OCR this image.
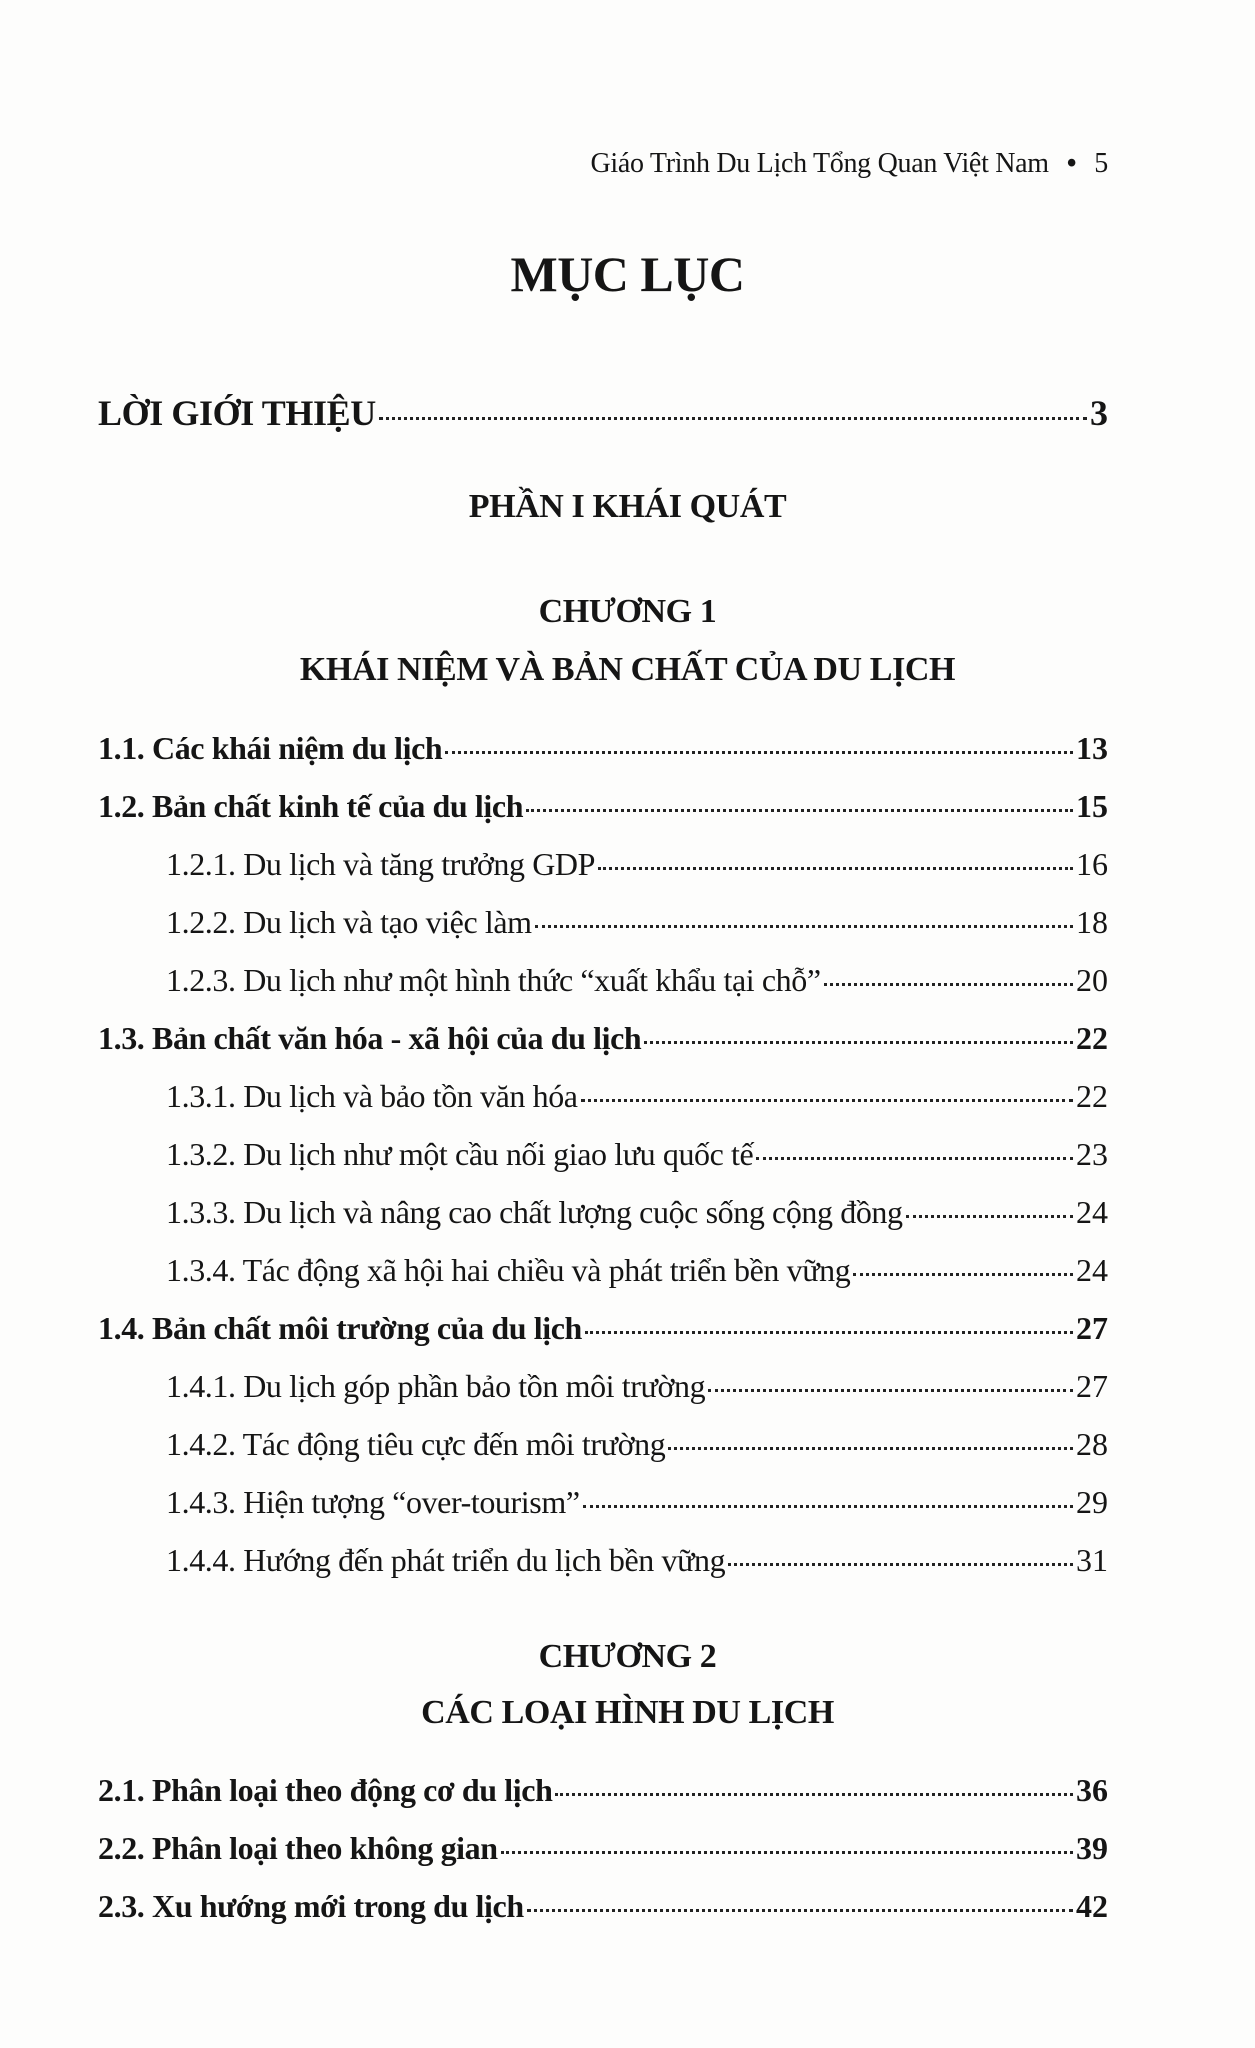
Giáo Trình Du Lịch Tổng Quan Việt Nam • 5
MỤC LỤC
LỜI GIỚI THIỆU	3
PHẦN I KHÁI QUÁT
CHƯƠNG 1
KHÁI NIỆM VÀ BẢN CHẤT CỦA DU LỊCH
1.1. Các khái niệm du lịch	13
1.2. Bản chất kinh tế của du lịch	15
1.2.1. Du lịch và tăng trưởng GDP	16
1.2.2. Du lịch và tạo việc làm	18
1.2.3. Du lịch như một hình thức “xuất khẩu tại chỗ”	20
1.3. Bản chất văn hóa - xã hội của du lịch	22
1.3.1. Du lịch và bảo tồn văn hóa	22
1.3.2. Du lịch như một cầu nối giao lưu quốc tế	23
1.3.3. Du lịch và nâng cao chất lượng cuộc sống cộng đồng	24
1.3.4. Tác động xã hội hai chiều và phát triển bền vững	24
1.4. Bản chất môi trường của du lịch	27
1.4.1. Du lịch góp phần bảo tồn môi trường	27
1.4.2. Tác động tiêu cực đến môi trường	28
1.4.3. Hiện tượng “over-tourism”	29
1.4.4. Hướng đến phát triển du lịch bền vững	31
CHƯƠNG 2
CÁC LOẠI HÌNH DU LỊCH
2.1. Phân loại theo động cơ du lịch	36
2.2. Phân loại theo không gian	39
2.3. Xu hướng mới trong du lịch	42
